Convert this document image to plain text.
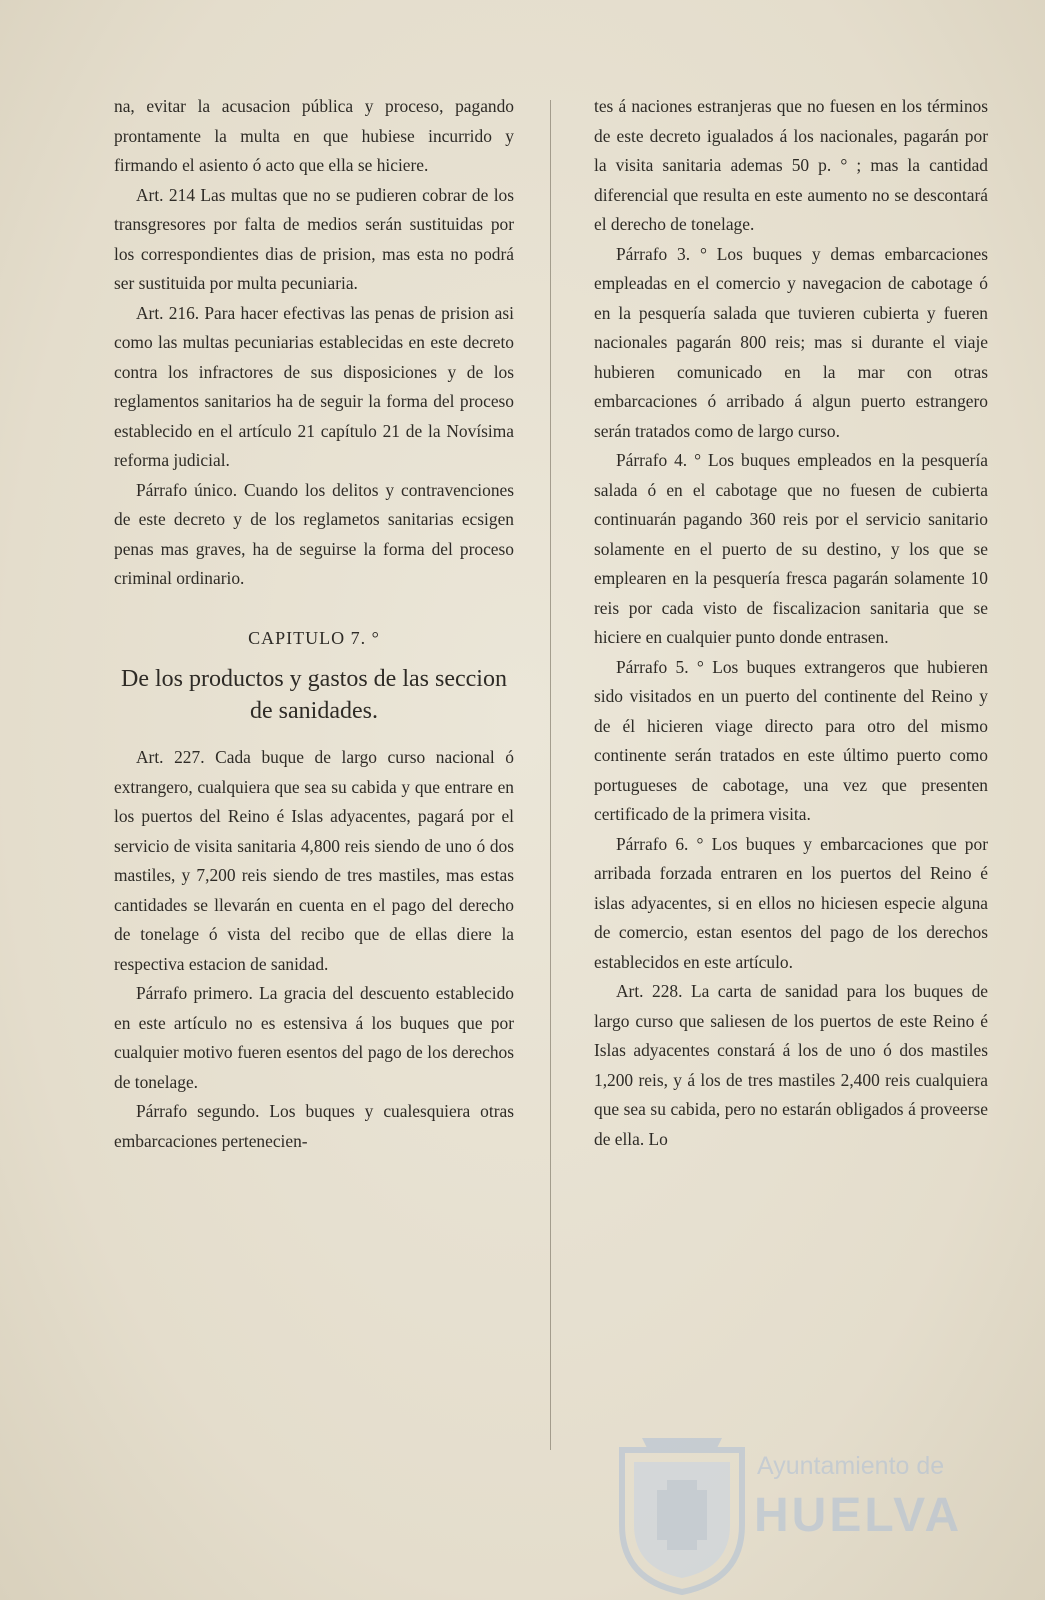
na, evitar la acusacion pública y proceso, pagando prontamente la multa en que hubiese incurrido y firmando el asiento ó acto que ella se hiciere.

Art. 214 Las multas que no se pudieren cobrar de los transgresores por falta de medios serán sustituidas por los correspondientes dias de prision, mas esta no podrá ser sustituida por multa pecuniaria.

Art. 216. Para hacer efectivas las penas de prision asi como las multas pecuniarias establecidas en este decreto contra los infractores de sus disposiciones y de los reglamentos sanitarios ha de seguir la forma del proceso establecido en el artículo 21 capítulo 21 de la Novísima reforma judicial.

Párrafo único. Cuando los delitos y contravenciones de este decreto y de los reglametos sanitarias ecsigen penas mas graves, ha de seguirse la forma del proceso criminal ordinario.

CAPITULO 7. °
De los productos y gastos de las seccion de sanidades.

Art. 227. Cada buque de largo curso nacional ó extrangero, cualquiera que sea su cabida y que entrare en los puertos del Reino é Islas adyacentes, pagará por el servicio de visita sanitaria 4,800 reis siendo de uno ó dos mastiles, y 7,200 reis siendo de tres mastiles, mas estas cantidades se llevarán en cuenta en el pago del derecho de tonelage ó vista del recibo que de ellas diere la respectiva estacion de sanidad.

Párrafo primero. La gracia del descuento establecido en este artículo no es estensiva á los buques que por cualquier motivo fueren esentos del pago de los derechos de tonelage.

Párrafo segundo. Los buques y cualesquiera otras embarcaciones pertenecien-

tes á naciones estranjeras que no fuesen en los términos de este decreto igualados á los nacionales, pagarán por la visita sanitaria ademas 50 p. ° ; mas la cantidad diferencial que resulta en este aumento no se descontará el derecho de tonelage.

Párrafo 3. ° Los buques y demas embarcaciones empleadas en el comercio y navegacion de cabotage ó en la pesquería salada que tuvieren cubierta y fueren nacionales pagarán 800 reis; mas si durante el viaje hubieren comunicado en la mar con otras embarcaciones ó arribado á algun puerto estrangero serán tratados como de largo curso.

Párrafo 4. ° Los buques empleados en la pesquería salada ó en el cabotage que no fuesen de cubierta continuarán pagando 360 reis por el servicio sanitario solamente en el puerto de su destino, y los que se emplearen en la pesquería fresca pagarán solamente 10 reis por cada visto de fiscalizacion sanitaria que se hiciere en cualquier punto donde entrasen.

Párrafo 5. ° Los buques extrangeros que hubieren sido visitados en un puerto del continente del Reino y de él hicieren viage directo para otro del mismo continente serán tratados en este último puerto como portugueses de cabotage, una vez que presenten certificado de la primera visita.

Párrafo 6. ° Los buques y embarcaciones que por arribada forzada entraren en los puertos del Reino é islas adyacentes, si en ellos no hiciesen especie alguna de comercio, estan esentos del pago de los derechos establecidos en este artículo.

Art. 228. La carta de sanidad para los buques de largo curso que saliesen de los puertos de este Reino é Islas adyacentes constará á los de uno ó dos mastiles 1,200 reis, y á los de tres mastiles 2,400 reis cualquiera que sea su cabida, pero no estarán obligados á proveerse de ella. Lo

Ayuntamiento de
HUELVA
